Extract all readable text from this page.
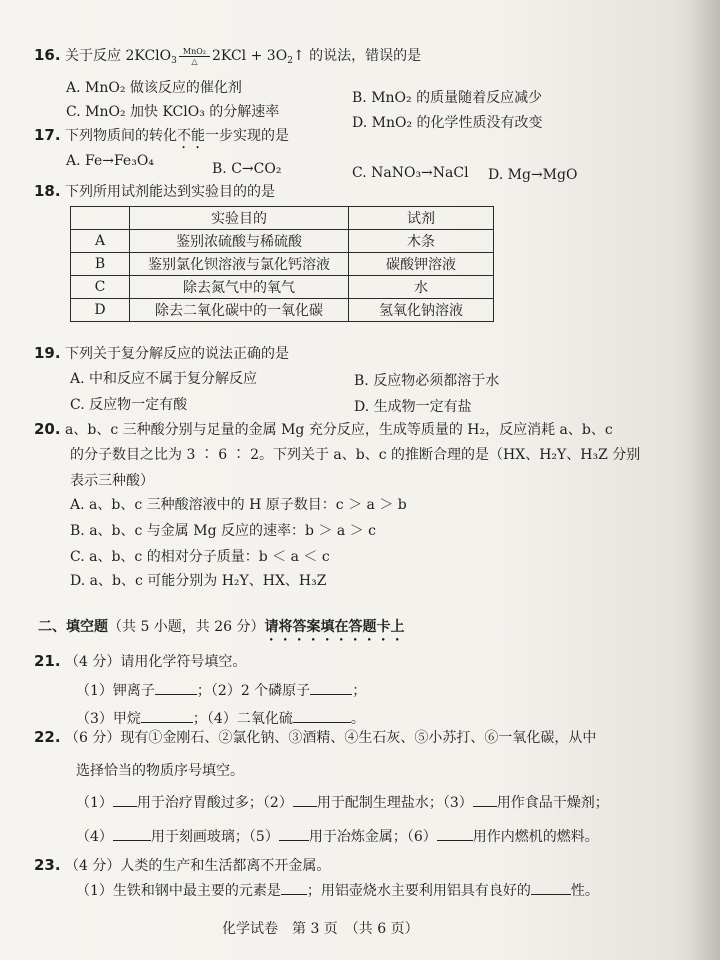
16. 关于反应 2KClO$_3$ $\frac{\text{MnO₂}}{\triangle} 2KCl$ + $3O_2↑$ 的说法，错误的是
A. MnO₂ 做该反应的催化剂
B. MnO₂ 的质量随着反应减少
C. MnO₂ 加快 KClO₃ 的分解速率
D. MnO₂ 的化学性质没有改变
17. 下列物质间的转化不能一步实现的是
A. Fe→Fe₃O₄	B. C→CO₂	C. NaNO₃→NaCl D. Mg→MgO
18. 下列所用试剂能达到实验目的的是
	实验目的	试剂
A	鉴别浓硫酸与稀硫酸	木条
B	鉴别氯化钡溶液与氯化钙溶液	碳酸钾溶液
C	除去氮气中的氧气	水
D	除去二氧化碳中的一氧化碳	氢氧化钠溶液
19. 下列关于复分解反应的说法正确的是
A. 中和反应不属于复分解反应	B. 反应物必须都溶于水
C. 反应物一定有酸	D. 生成物一定有盐
20. a、b、c 三种酸分别与足量的金属 Mg 充分反应，生成等质量的 H₂，反应消耗 a、b、c
的分子数目之比为 3 ∶ 6 ∶ 2。下列关于 a、b、c 的推断合理的是（HX、H₂Y、H₃Z 分别
表示三种酸）
A. a、b、c 三种酸溶液中的 H 原子数目：c ＞ a ＞ b
B. a、b、c 与金属 Mg 反应的速率：b ＞ a ＞ c
C. a、b、c 的相对分子质量：b ＜ a ＜ c
D. a、b、c 可能分别为 H₂Y、HX、H₃Z
二、填空题（共 5 小题，共 26 分）请将答案填在答题卡上
21. （4 分）请用化学符号填空。
（1）钾离子	；（2）2 个磷原子	；
（3）甲烷	；（4）二氧化硫	。
22. （6 分）现有①金刚石、②氯化钠、③酒精、④生石灰、⑤小苏打、⑥一氧化碳，从中
选择恰当的物质序号填空。
（1） 用于治疗胃酸过多；（2） 用于配制生理盐水；（3） 用作食品干燥剂；
（4）	用于刻画玻璃；（5） 用于冶炼金属；（6）	用作内燃机的燃料。
23. （4 分）人类的生产和生活都离不开金属。
（1）生铁和钢中最主要的元素是 ；用铝壶烧水主要利用铝具有良好的	性。
化学试卷　第 3 页　（共 6 页）
